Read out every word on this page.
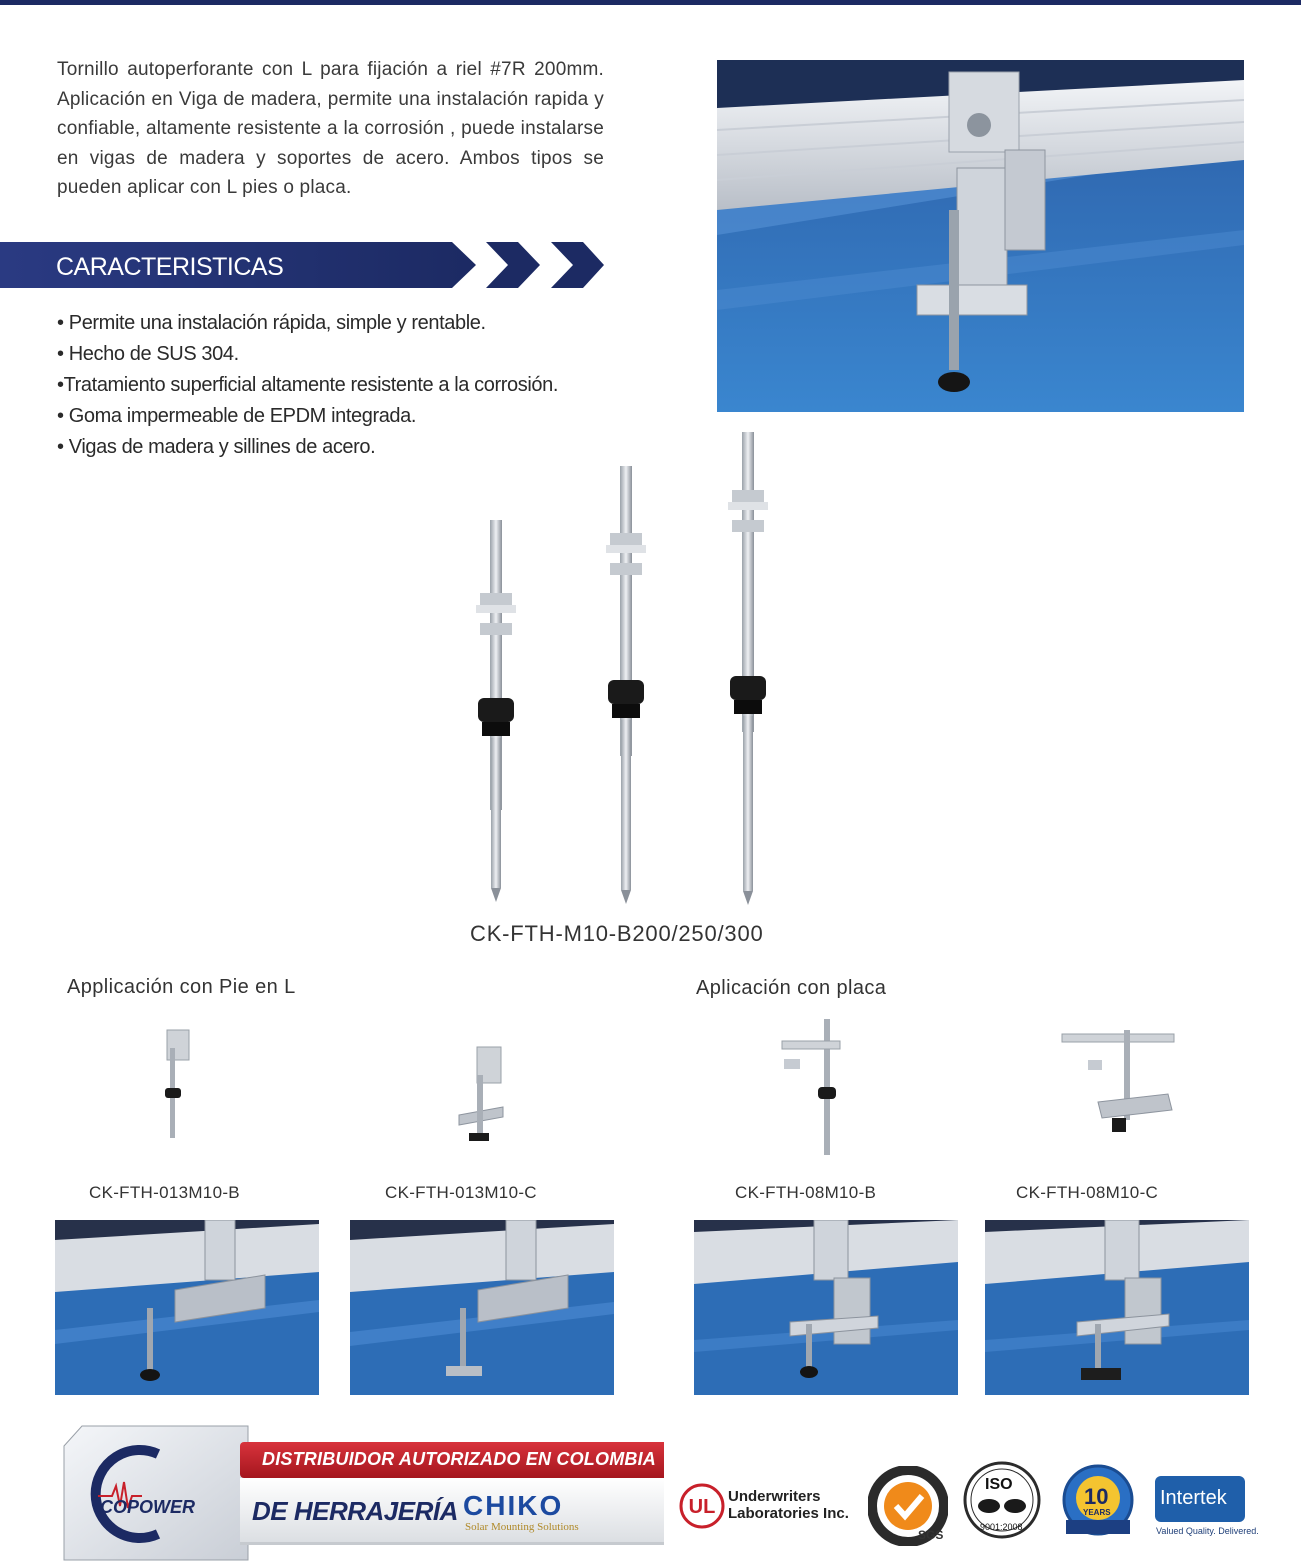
Tornillo autoperforante con L para fijación a riel #7R 200mm. Aplicación en Viga de madera, permite una instalación rapida y confiable, altamente resistente a la corrosión , puede instalarse en vigas de madera y soportes de acero. Ambos tipos se pueden aplicar con L pies o placa.

CARACTERISTICAS
• Permite una instalación rápida, simple y rentable.
• Hecho de SUS 304.
•Tratamiento superficial altamente resistente a la corrosión.
• Goma impermeable de EPDM integrada.
• Vigas de madera y sillines de acero.
CK-FTH-M10-B200/250/300
Applicación con Pie en L	Aplicación con placa
CK-FTH-013M10-B	CK-FTH-013M10-C	CK-FTH-08M10-B	CK-FTH-08M10-C
COPOWER
DISTRIBUIDOR AUTORIZADO EN COLOMBIA
DE HERRAJERÍA CHIKO
Solar Mounting Solutions
UL Underwriters
Laboratories Inc.
SGS
ISO
9001:2008
10
YEARS
Intertek
Valued Quality. Delivered.
